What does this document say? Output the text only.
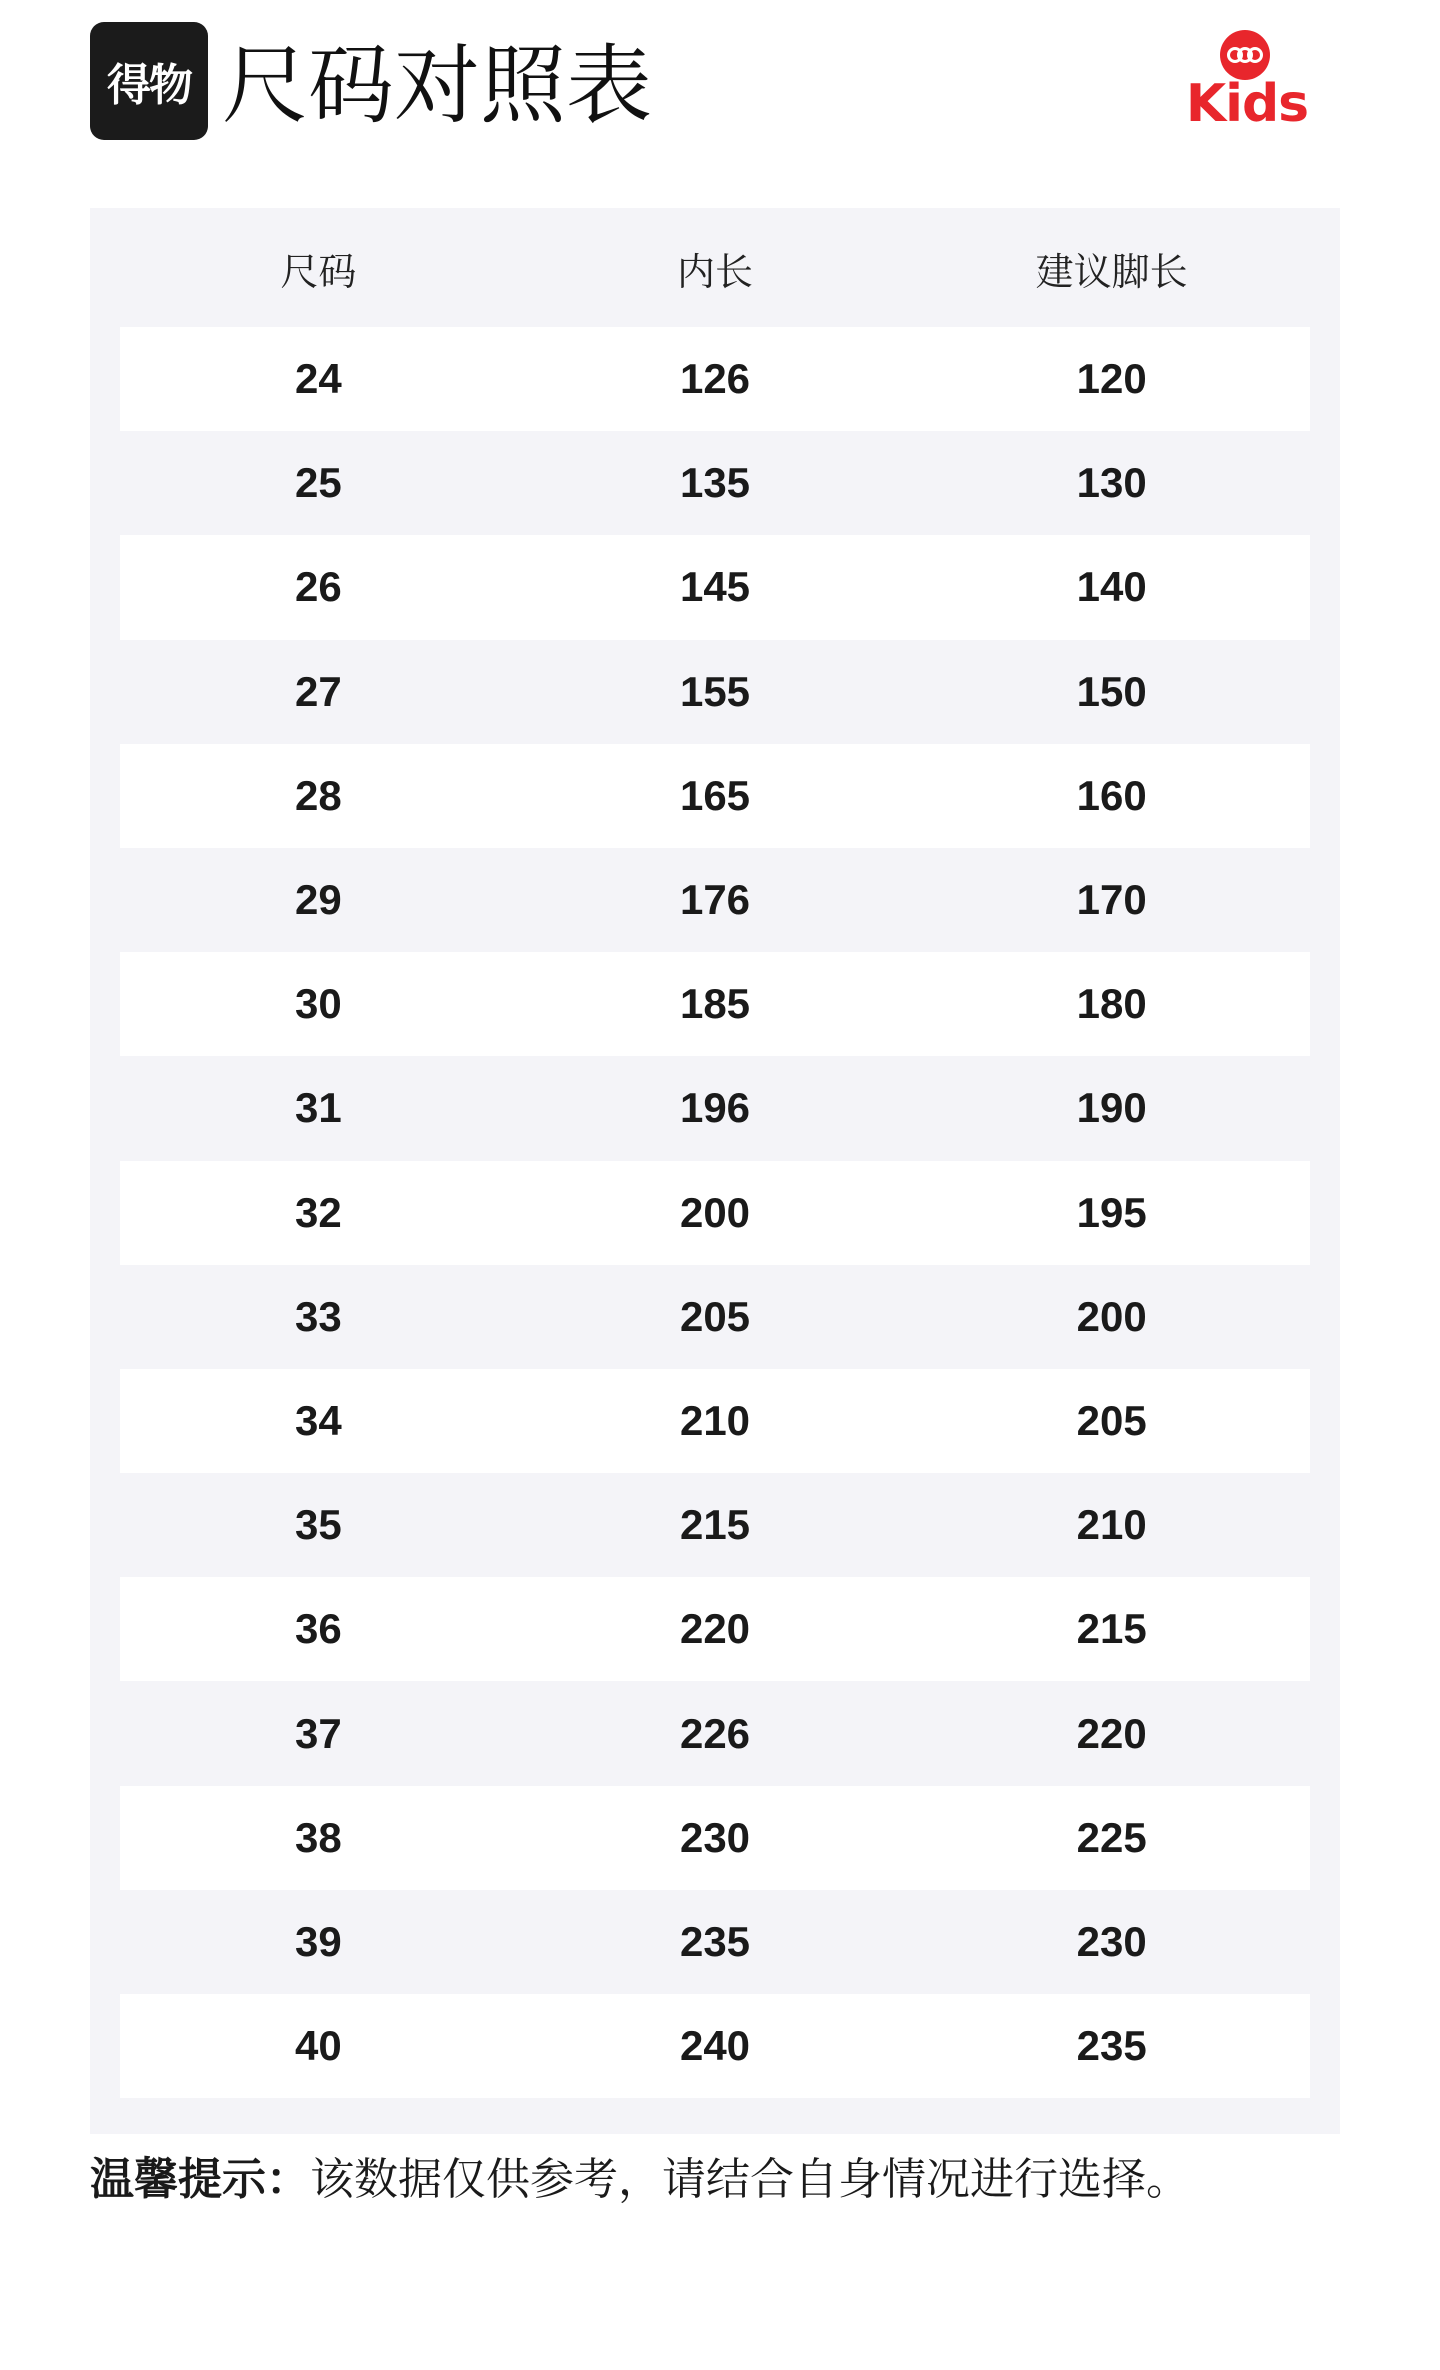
得物 尺码对照表	Kids
尺码	内长	建议脚长
24	126	120
25	135	130
26	145	140
27	155	150
28	165	160
29	176	170
30	185	180
31	196	190
32	200	195
33	205	200
34	210	205
35	215	210
36	220	215
37	226	220
38	230	225
39	235	230
40	240	235
温馨提示：该数据仅供参考，请结合自身情况进行选择。
